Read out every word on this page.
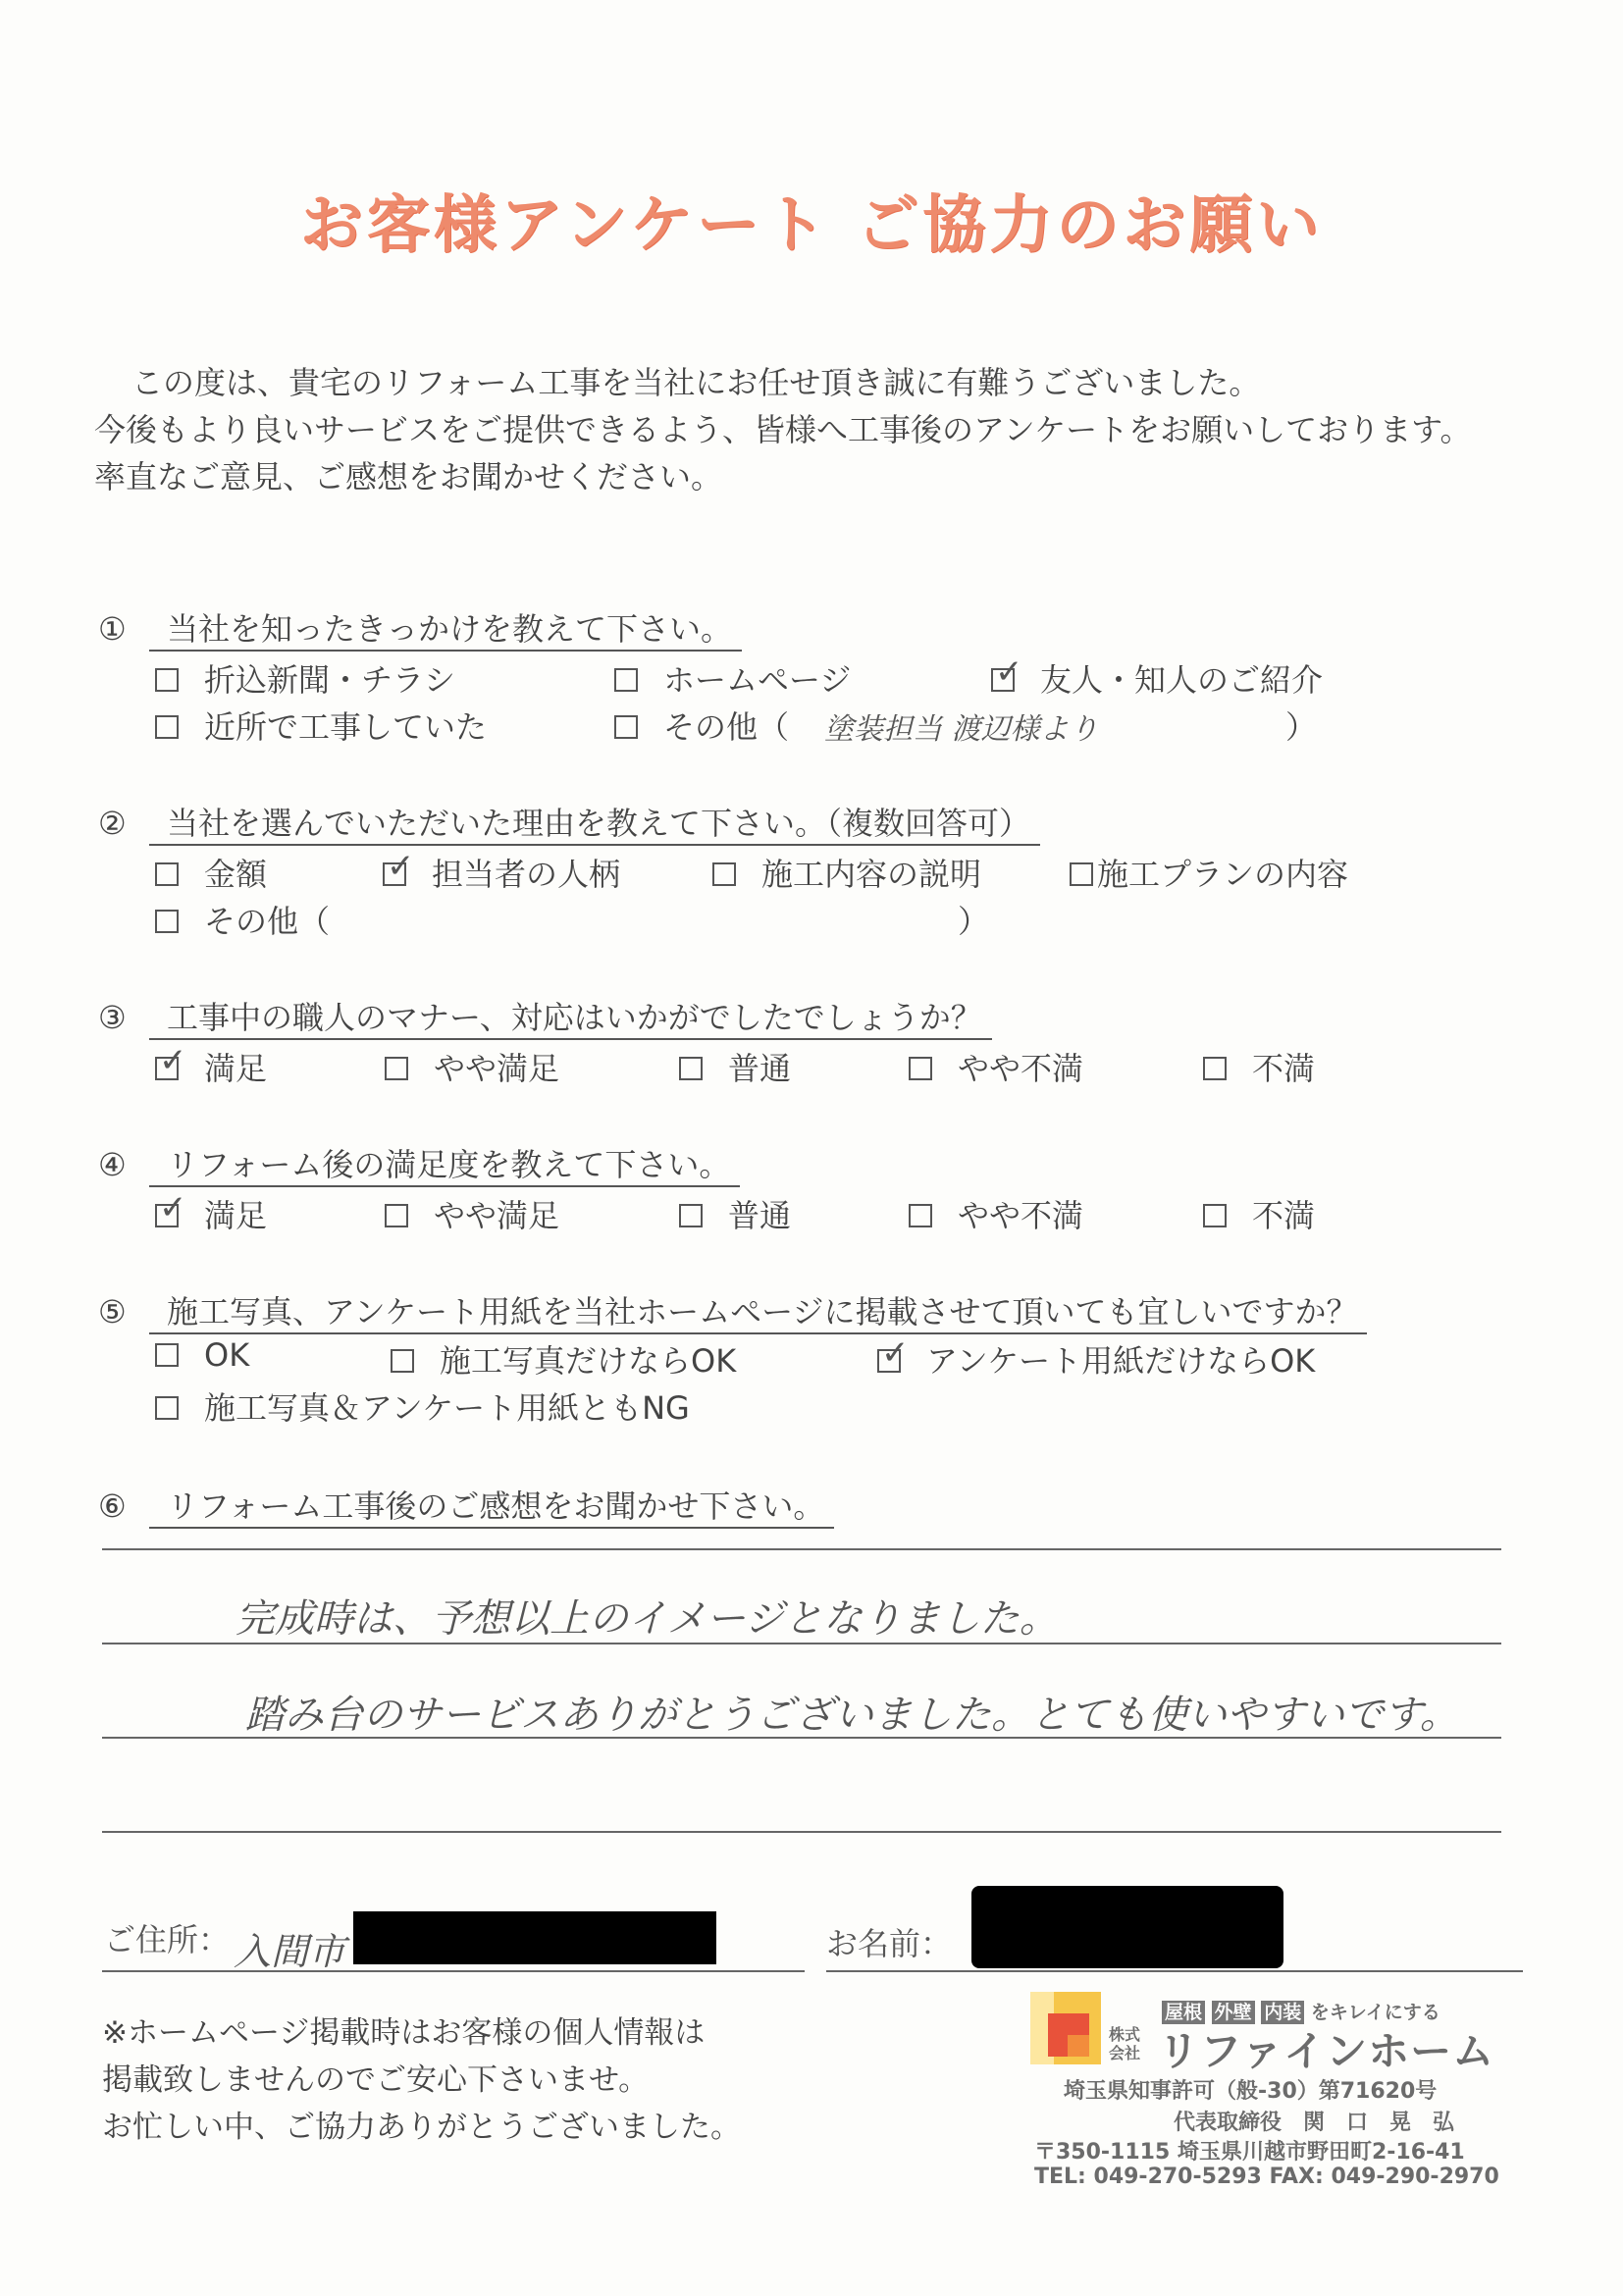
お客様アンケート ご協力のお願い
この度は、貴宅のリフォーム工事を当社にお任せ頂き誠に有難うございました。
今後もより良いサービスをご提供できるよう、皆様へ工事後のアンケートをお願いしております。
率直なご意見、ご感想をお聞かせください。
① 当社を知ったきっかけを教えて下さい。
折込新聞・チラシ	ホームページ	✓ 友人・知人のご紹介
近所で工事していた	その他（ 塗装担当 渡辺様より	）
② 当社を選んでいただいた理由を教えて下さい。（複数回答可）
金額	✓ 担当者の人柄	施工内容の説明	施工プランの内容
その他（	）
③ 工事中の職人のマナー、対応はいかがでしたでしょうか？
✓ 満足	やや満足	普通	やや不満	不満
④ リフォーム後の満足度を教えて下さい。
✓ 満足	やや満足	普通	やや不満	不満
⑤ 施工写真、アンケート用紙を当社ホームページに掲載させて頂いても宜しいですか？
OK	施工写真だけならOK	✓ アンケート用紙だけならOK
施工写真＆アンケート用紙ともNG
⑥ リフォーム工事後のご感想をお聞かせ下さい。
完成時は、予想以上のイメージとなりました。
踏み台のサービスありがとうございました。とても使いやすいです。
ご住所： 入間市	お名前：
※ホームページ掲載時はお客様の個人情報は
掲載致しませんのでご安心下さいませ。
お忙しい中、ご協力ありがとうございました。
屋根 外壁 内装 をキレイにする
株式会社 リファインホーム
埼玉県知事許可（般-30）第71620号
代表取締役　関　口　晃　弘
〒350-1115 埼玉県川越市野田町2-16-41
TEL: 049-270-5293 FAX: 049-290-2970
